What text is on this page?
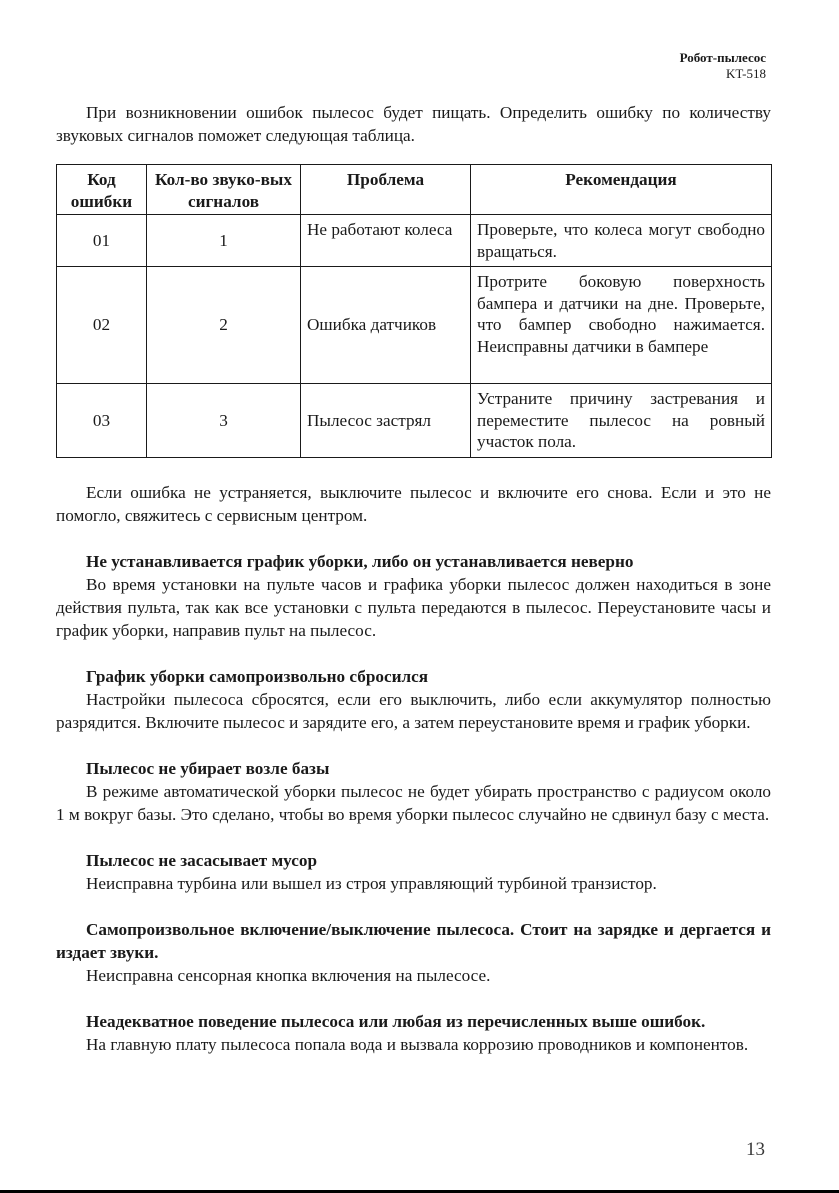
Робот-пылесос
KT-518

При возникновении ошибок пылесос будет пищать. Определить ошибку по количеству звуковых сигналов поможет следующая таблица.

Код ошибки	Кол-во звуко-вых сигналов	Проблема	Рекомендация
01	1	Не работают колеса	Проверьте, что колеса могут свободно вращаться.
02	2	Ошибка датчиков	Протрите боковую поверхность бампера и датчики на дне. Проверьте, что бампер свободно нажимается. Неисправны датчики в бампере
03	3	Пылесос застрял	Устраните причину застревания и переместите пылесос на ровный участок пола.

Если ошибка не устраняется, выключите пылесос и включите его снова. Если и это не помогло, свяжитесь с сервисным центром.

Не устанавливается график уборки, либо он устанавливается неверно

Во время установки на пульте часов и графика уборки пылесос должен находиться в зоне действия пульта, так как все установки с пульта передаются в пылесос. Переустановите часы и график уборки, направив пульт на пылесос.

График уборки самопроизвольно сбросился

Настройки пылесоса сбросятся, если его выключить, либо если аккумулятор полностью разрядится. Включите пылесос и зарядите его, а затем переустановите время и график уборки.

Пылесос не убирает возле базы

В режиме автоматической уборки пылесос не будет убирать пространство с радиусом около 1 м вокруг базы. Это сделано, чтобы во время уборки пылесос случайно не сдвинул базу с места.

Пылесос не засасывает мусор

Неисправна турбина или вышел из строя управляющий турбиной транзистор.

Самопроизвольное включение/выключение пылесоса. Стоит на зарядке и дергается и издает звуки.

Неисправна сенсорная кнопка включения на пылесосе.

Неадекватное поведение пылесоса или любая из перечисленных выше ошибок.

На главную плату пылесоса попала вода и вызвала коррозию проводников и компонентов.

13
